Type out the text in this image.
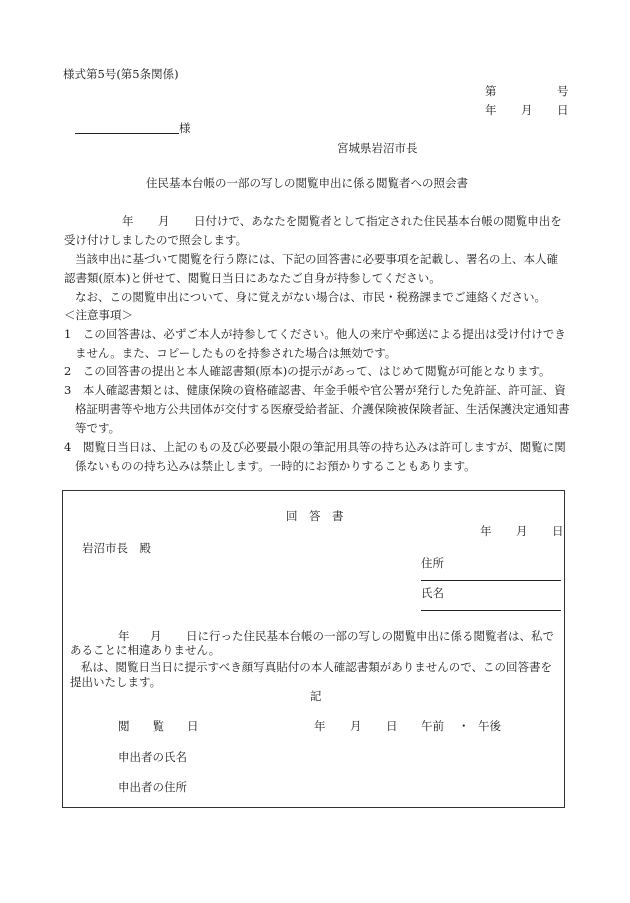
様式第5号(第5条関係)
第	号
年 月 日
様
宮城県岩沼市長
住民基本台帳の一部の写しの閲覧申出に係る閲覧者への照会書
年 月 日付けで、あなたを閲覧者として指定された住民基本台帳の閲覧申出を
受け付けしましたので照会します。
当該申出に基づいて閲覧を行う際には、下記の回答書に必要事項を記載し、署名の上、本人確
認書類(原本)と併せて、閲覧日当日にあなたご自身が持参してください。
なお、この閲覧申出について、身に覚えがない場合は、市民・税務課までご連絡ください。
＜注意事項＞
1　この回答書は、必ずご本人が持参してください。他人の来庁や郵送による提出は受け付けでき
ません。また、コピーしたものを持参された場合は無効です。
2　この回答書の提出と本人確認書類(原本)の提示があって、はじめて閲覧が可能となります。
3　本人確認書類とは、健康保険の資格確認書、年金手帳や官公署が発行した免許証、許可証、資
格証明書等や地方公共団体が交付する医療受給者証、介護保険被保険者証、生活保護決定通知書
等です。
4　閲覧日当日は、上記のもの及び必要最小限の筆記用具等の持ち込みは許可しますが、閲覧に関
係ないものの持ち込みは禁止します。一時的にお預かりすることもあります。
回　答　書
年 月 日
岩沼市長　殿
住所
氏名
年 月 日に行った住民基本台帳の一部の写しの閲覧申出に係る閲覧者は、私で
あることに相違ありません。
私は、閲覧日当日に提示すべき顔写真貼付の本人確認書類がありませんので、この回答書を
提出いたします。
記
閲　　覧　　日	年 月 日 午前 ・ 午後
申出者の氏名
申出者の住所
